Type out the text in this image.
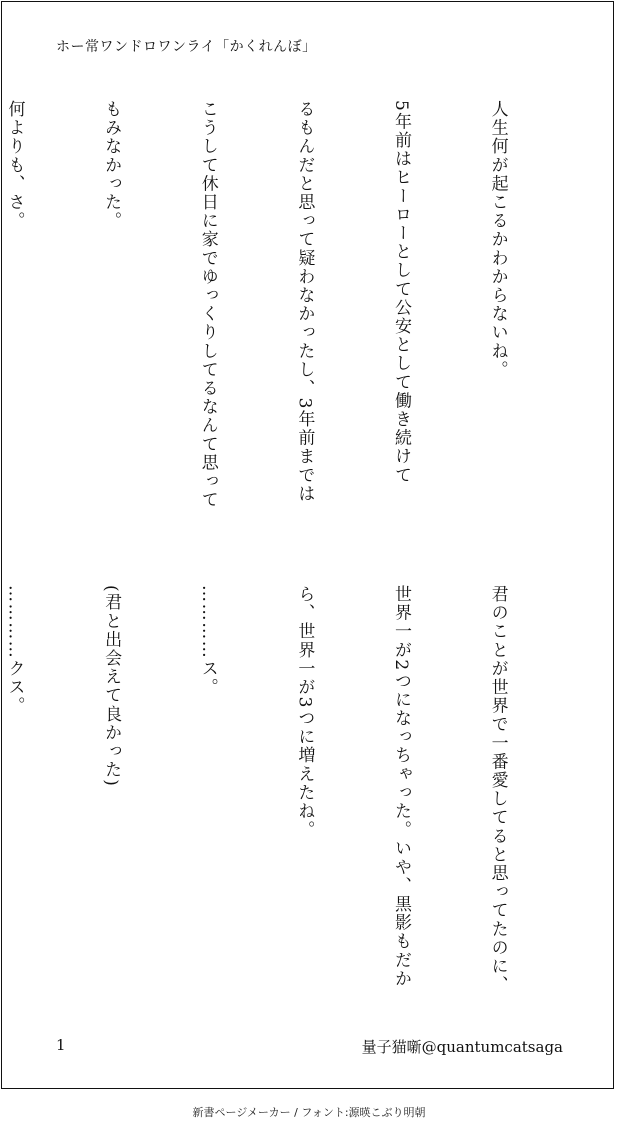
ホー常ワンドロワンライ「かくれんぼ」

人生何が起こるかわからないね。

5年前はヒーローとして公安として働き続けて

るもんだと思って疑わなかったし、3年前までは

こうして休日に家でゆっくりしてるなんて思って

もみなかった。

何よりも、さ。

君のことが世界で一番愛してると思ってたのに、

世界一が2つになっちゃった。いや、黒影もだか

ら、世界一が3つに増えたね。

…………ス。

(君と出会えて良かった)

…………クス。

1	量子猫噺@quantumcatsaga
新書ページメーカー / フォント:源暎こぶり明朝
